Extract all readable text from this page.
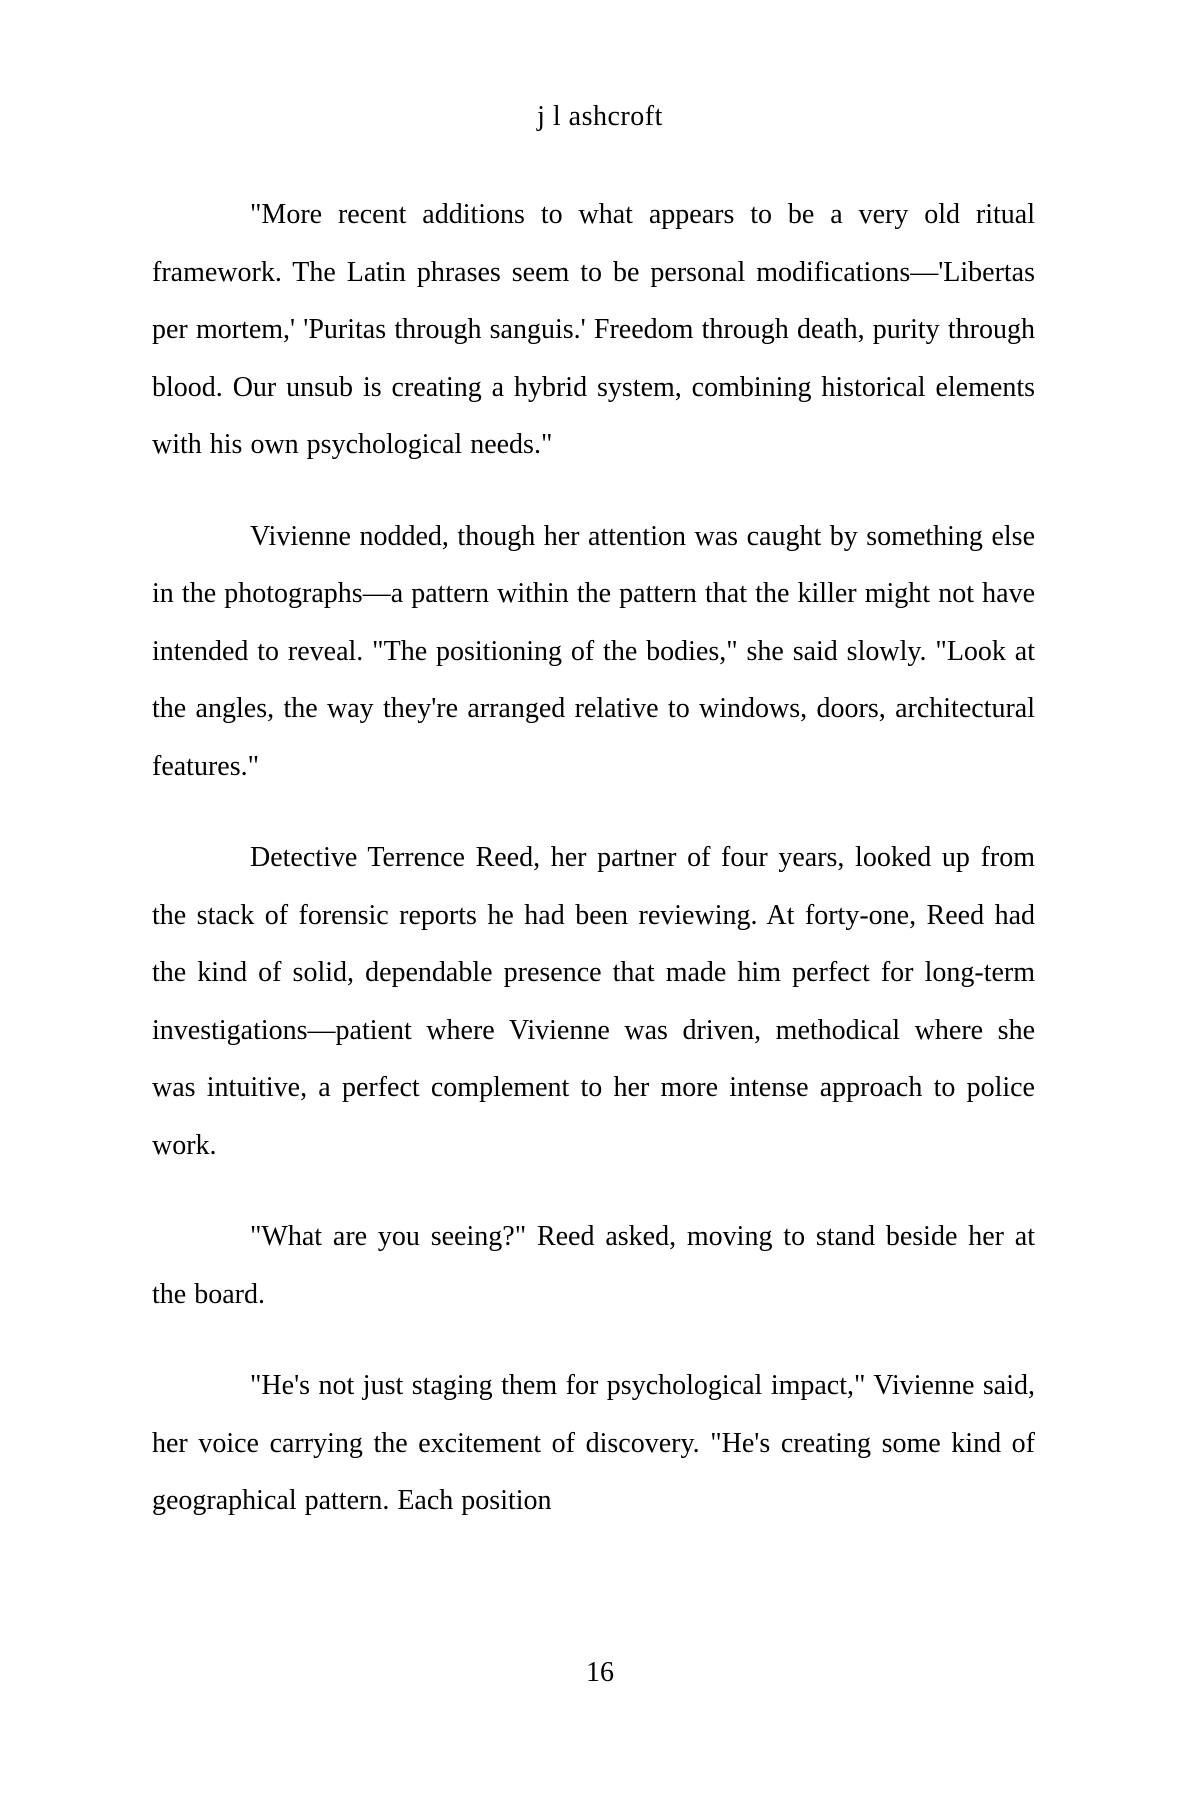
j l ashcroft

"More recent additions to what appears to be a very old ritual framework. The Latin phrases seem to be personal modifications—'Libertas per mortem,' 'Puritas through sanguis.' Freedom through death, purity through blood. Our unsub is creating a hybrid system, combining historical elements with his own psychological needs."

Vivienne nodded, though her attention was caught by something else in the photographs—a pattern within the pattern that the killer might not have intended to reveal. "The positioning of the bodies," she said slowly. "Look at the angles, the way they're arranged relative to windows, doors, architectural features."

Detective Terrence Reed, her partner of four years, looked up from the stack of forensic reports he had been reviewing. At forty-one, Reed had the kind of solid, dependable presence that made him perfect for long-term investigations—patient where Vivienne was driven, methodical where she was intuitive, a perfect complement to her more intense approach to police work.

"What are you seeing?" Reed asked, moving to stand beside her at the board.

"He's not just staging them for psychological impact," Vivienne said, her voice carrying the excitement of discovery. "He's creating some kind of geographical pattern. Each position

16
